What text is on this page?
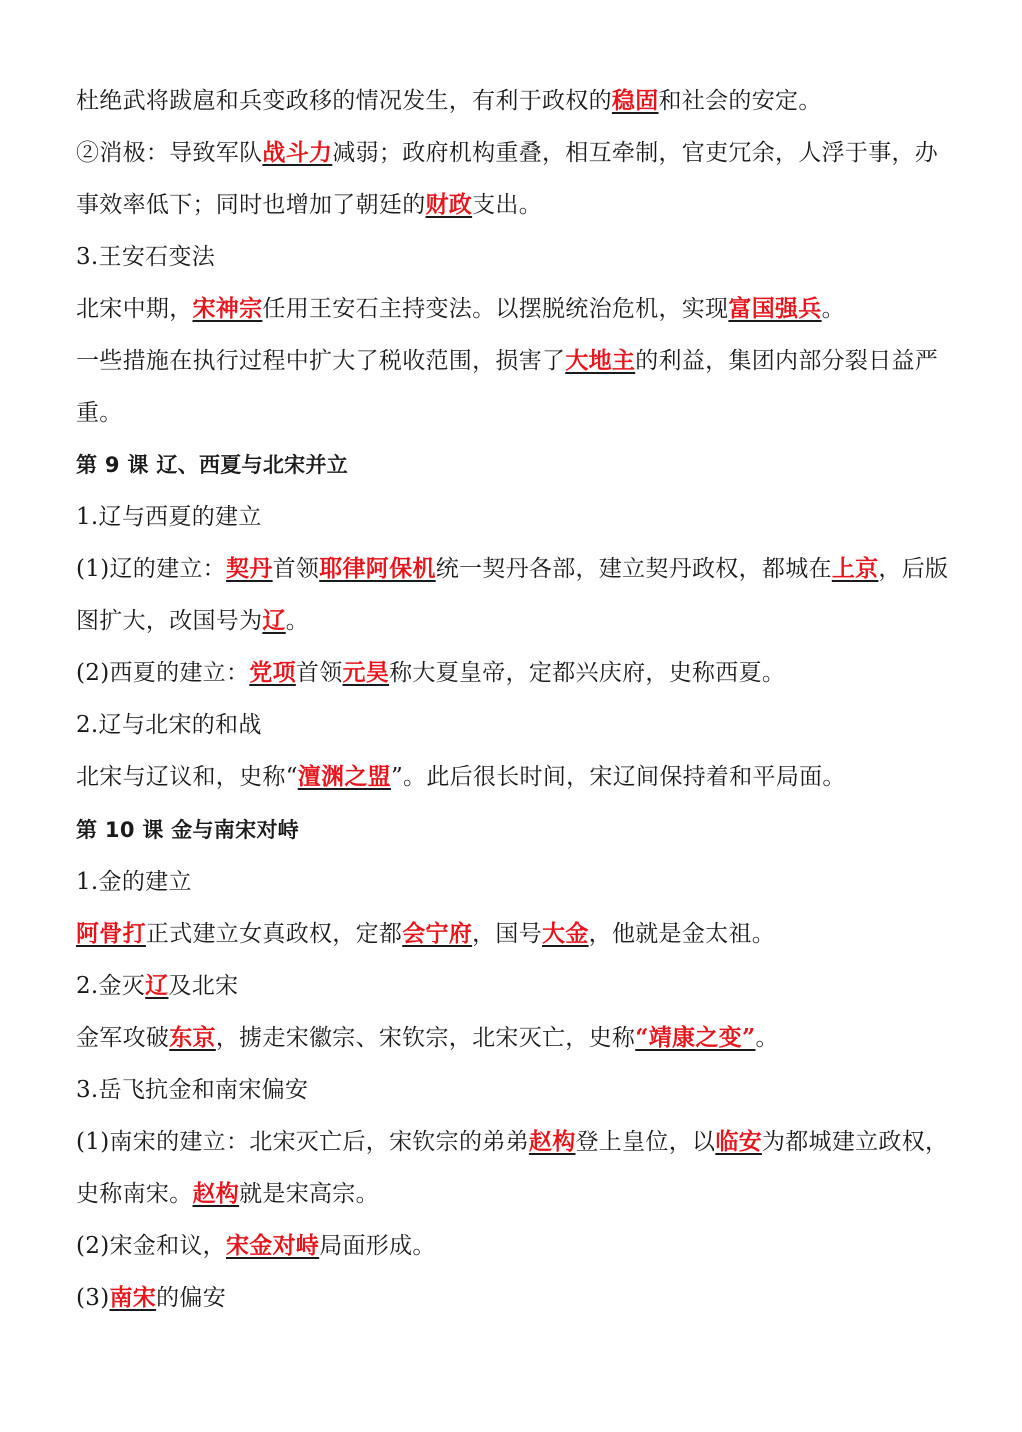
杜绝武将跋扈和兵变政移的情况发生，有利于政权的稳固和社会的安定。
②消极：导致军队战斗力减弱；政府机构重叠，相互牵制，官吏冗余，人浮于事，办
事效率低下；同时也增加了朝廷的财政支出。
3.王安石变法
北宋中期，宋神宗任用王安石主持变法。以摆脱统治危机，实现富国强兵。
一些措施在执行过程中扩大了税收范围，损害了大地主的利益，集团内部分裂日益严
重。
第 9 课 辽、西夏与北宋并立
1.辽与西夏的建立
(1)辽的建立：契丹首领耶律阿保机统一契丹各部，建立契丹政权，都城在上京，后版
图扩大，改国号为辽。
(2)西夏的建立：党项首领元昊称大夏皇帝，定都兴庆府，史称西夏。
2.辽与北宋的和战
北宋与辽议和，史称“澶渊之盟”。此后很长时间，宋辽间保持着和平局面。
第 10 课 金与南宋对峙
1.金的建立
阿骨打正式建立女真政权，定都会宁府，国号大金，他就是金太祖。
2.金灭辽及北宋
金军攻破东京，掳走宋徽宗、宋钦宗，北宋灭亡，史称“靖康之变”。
3.岳飞抗金和南宋偏安
(1)南宋的建立：北宋灭亡后，宋钦宗的弟弟赵构登上皇位，以临安为都城建立政权，
史称南宋。赵构就是宋高宗。
(2)宋金和议，宋金对峙局面形成。
(3)南宋的偏安
